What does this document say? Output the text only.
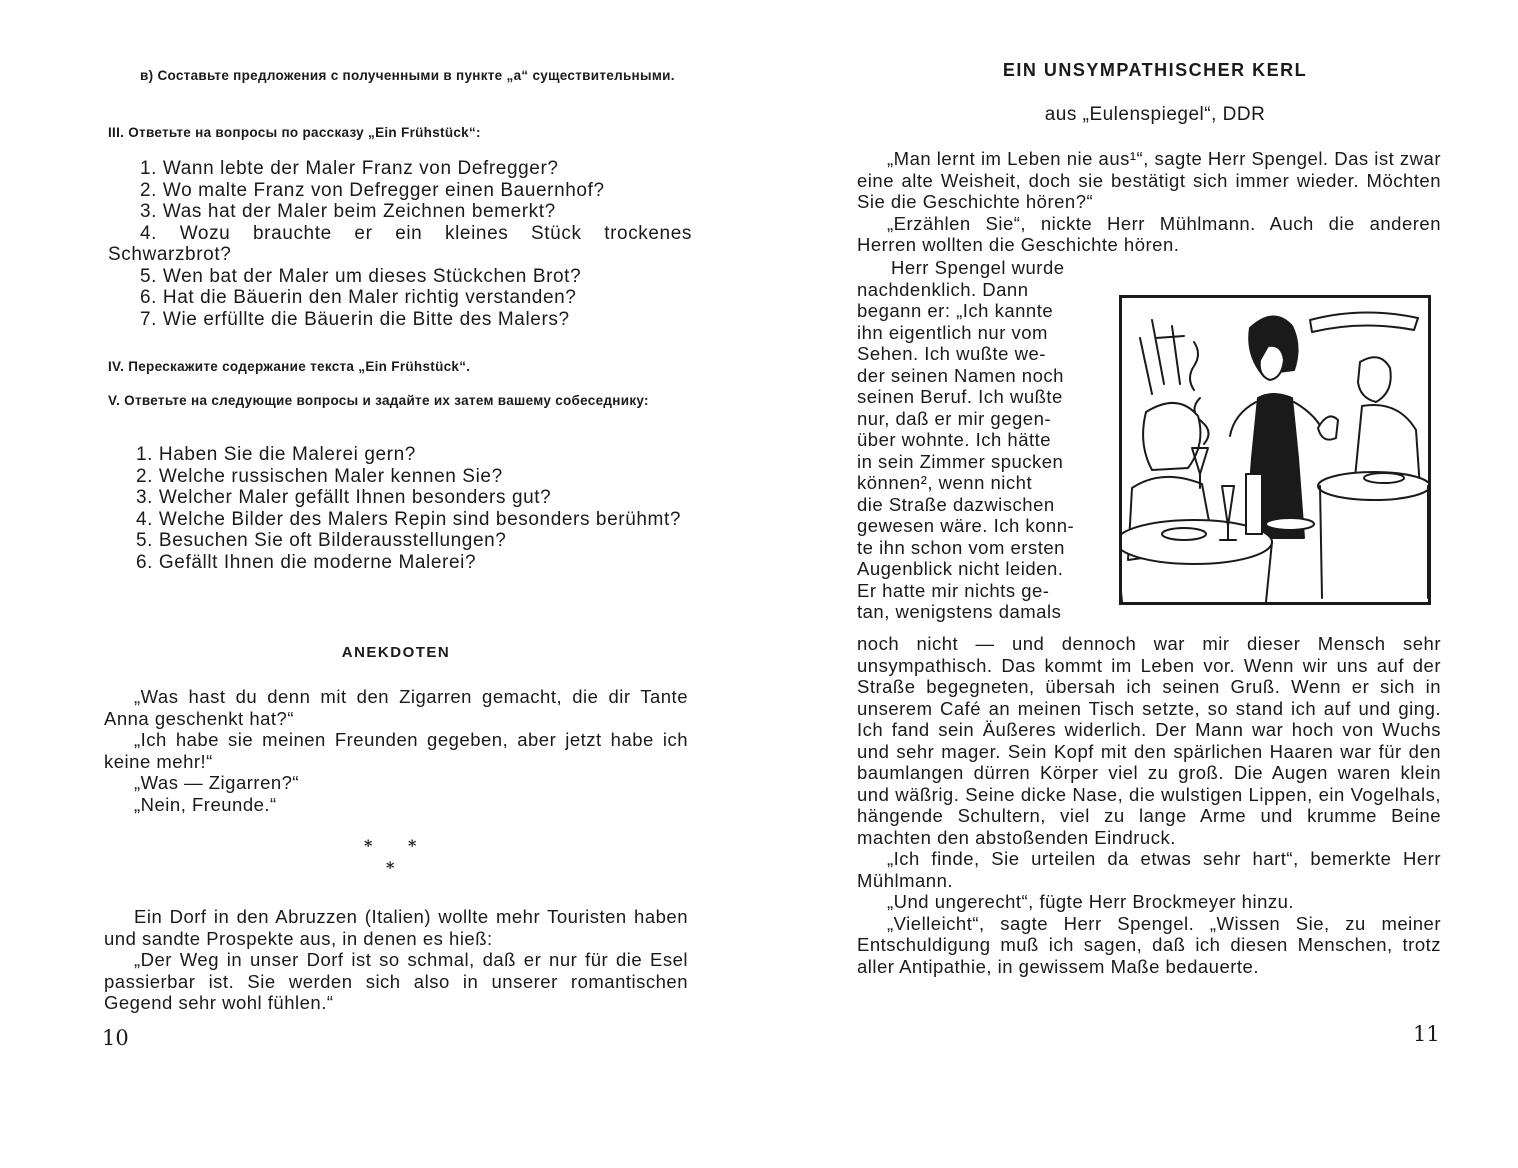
в) Составьте предложения с полученными в пункте „а“ существительными.
III. Ответьте на вопросы по рассказу „Ein Frühstück“:
1. Wann lebte der Maler Franz von Defregger?
2. Wo malte Franz von Defregger einen Bauernhof?
3. Was hat der Maler beim Zeichnen bemerkt?
4. Wozu brauchte er ein kleines Stück trockenes Schwarzbrot?
5. Wen bat der Maler um dieses Stückchen Brot?
6. Hat die Bäuerin den Maler richtig verstanden?
7. Wie erfüllte die Bäuerin die Bitte des Malers?
IV. Перескажите содержание текста „Ein Frühstück“.
V. Ответьте на следующие вопросы и задайте их затем вашему собеседнику:
1. Haben Sie die Malerei gern?
2. Welche russischen Maler kennen Sie?
3. Welcher Maler gefällt Ihnen besonders gut?
4. Welche Bilder des Malers Repin sind besonders berühmt?
5. Besuchen Sie oft Bilderausstellungen?
6. Gefällt Ihnen die moderne Malerei?
ANEKDOTEN

„Was hast du denn mit den Zigarren gemacht, die dir Tante Anna geschenkt hat?“

„Ich habe sie meinen Freunden gegeben, aber jetzt habe ich keine mehr!“

„Was — Zigarren?“

„Nein, Freunde.“

* *
*

Ein Dorf in den Abruzzen (Italien) wollte mehr Touristen haben und sandte Prospekte aus, in denen es hieß:

„Der Weg in unser Dorf ist so schmal, daß er nur für die Esel passierbar ist. Sie werden sich also in unserer romantischen Gegend sehr wohl fühlen.“

10
EIN UNSYMPATHISCHER KERL
aus „Eulenspiegel“, DDR

„Man lernt im Leben nie aus¹“, sagte Herr Spengel. Das ist zwar eine alte Weisheit, doch sie bestätigt sich immer wieder. Möchten Sie die Geschichte hören?“

„Erzählen Sie“, nickte Herr Mühlmann. Auch die anderen Herren wollten die Geschichte hören.

Herr Spengel wurde
nachdenklich. Dann
begann er: „Ich kannte
ihn eigentlich nur vom
Sehen. Ich wußte we-
der seinen Namen noch
seinen Beruf. Ich wußte
nur, daß er mir gegen-
über wohnte. Ich hätte
in sein Zimmer spucken
können², wenn nicht
die Straße dazwischen
gewesen wäre. Ich konn-
te ihn schon vom ersten
Augenblick nicht leiden.
Er hatte mir nichts ge-
tan, wenigstens damals

noch nicht — und dennoch war mir dieser Mensch sehr unsympathisch. Das kommt im Leben vor. Wenn wir uns auf der Straße begegneten, übersah ich seinen Gruß. Wenn er sich in unserem Café an meinen Tisch setzte, so stand ich auf und ging. Ich fand sein Äußeres widerlich. Der Mann war hoch von Wuchs und sehr mager. Sein Kopf mit den spärlichen Haaren war für den baumlangen dürren Körper viel zu groß. Die Augen waren klein und wäßrig. Seine dicke Nase, die wulstigen Lippen, ein Vogelhals, hängende Schultern, viel zu lange Arme und krumme Beine machten den abstoßenden Eindruck.

„Ich finde, Sie urteilen da etwas sehr hart“, bemerkte Herr Mühlmann.

„Und ungerecht“, fügte Herr Brockmeyer hinzu.

„Vielleicht“, sagte Herr Spengel. „Wissen Sie, zu meiner Entschuldigung muß ich sagen, daß ich diesen Menschen, trotz aller Antipathie, in gewissem Maße bedauerte.

11
